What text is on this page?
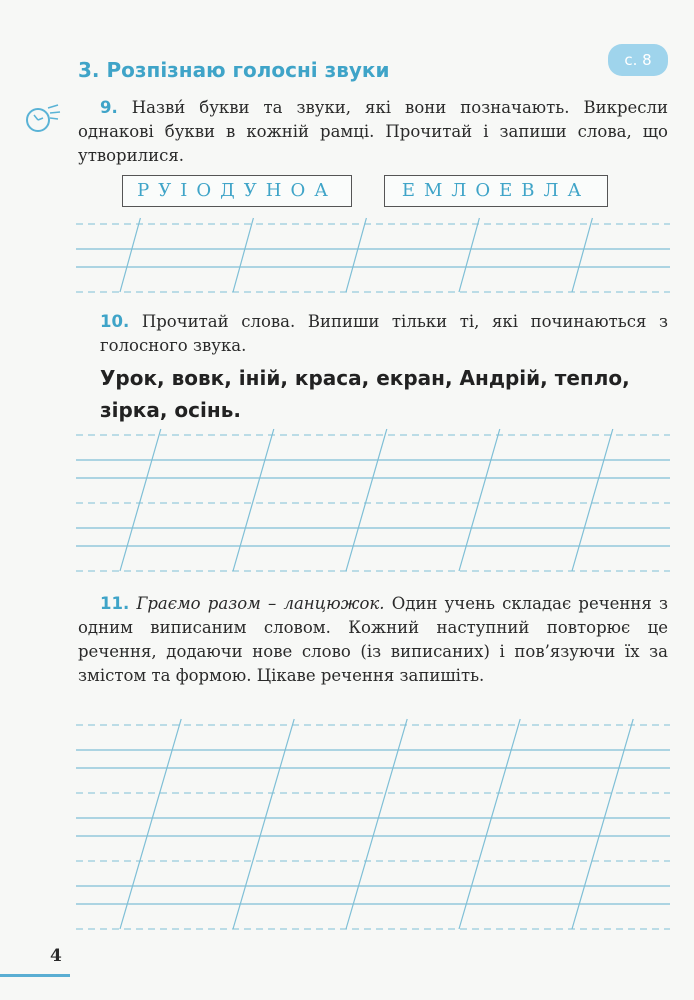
3. Розпізнаю голосні звуки	с. 8
9. Назви́ букви та звуки, які вони позначають. Викресли однакові букви в кожній рамці. Прочитай і запиши слова, що утворилися.
РУІОДУНОА	ЕМЛОЕВЛА
10. Прочитай слова. Випиши тільки ті, які починаються з голосного звука.
Урок, вовк, іній, краса, екран, Андрій, тепло, зірка, осінь.
11. Граємо разом – ланцюжок. Один учень складає речення з одним виписаним словом. Кожний наступний повторює це речення, додаючи нове слово (із виписаних) і пов’язуючи їх за змістом та формою. Цікаве речення запишіть.
4
